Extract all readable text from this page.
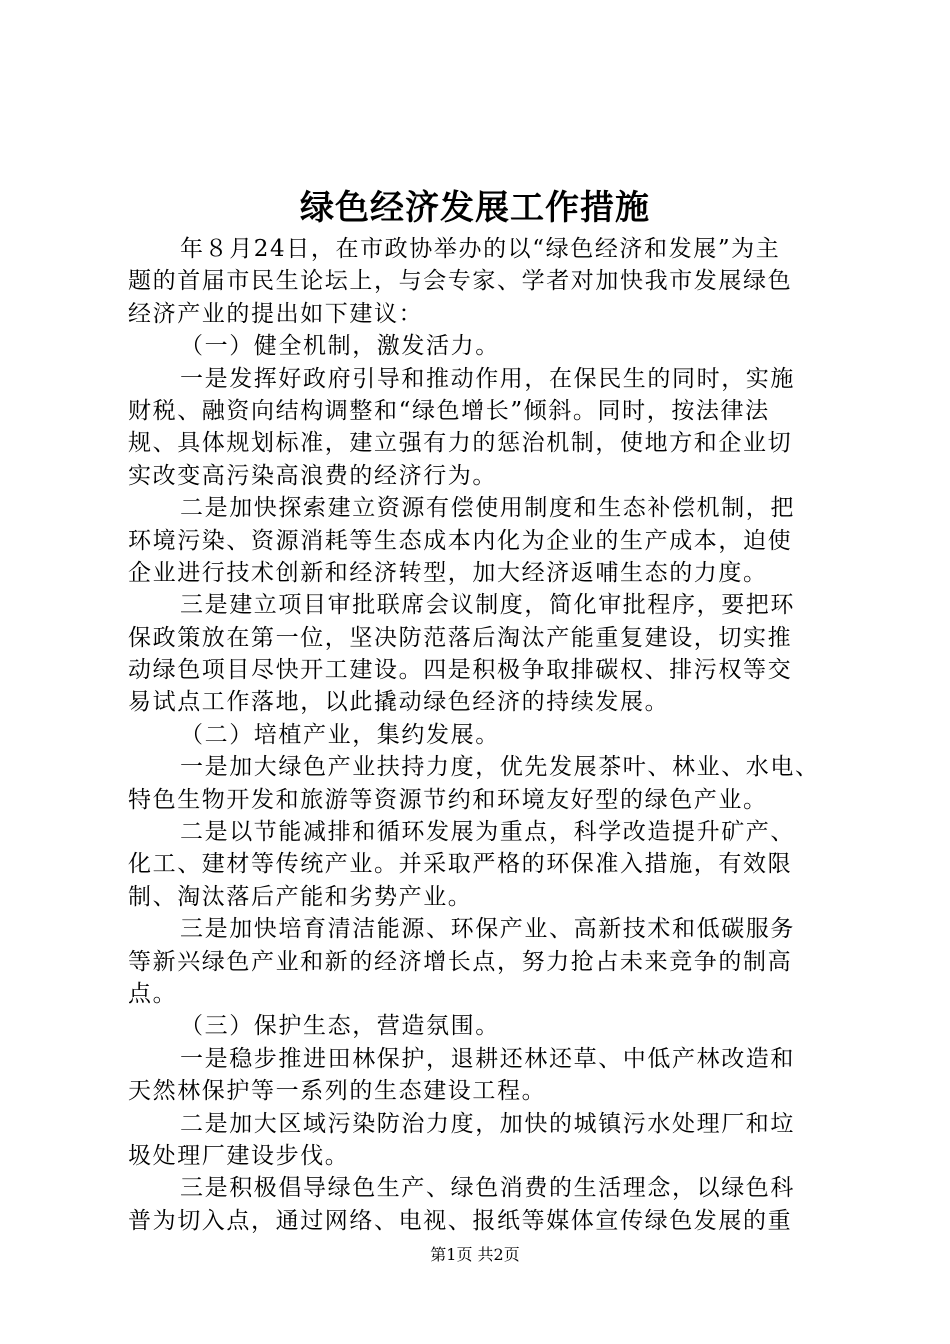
绿色经济发展工作措施
年８月24日，在市政协举办的以“绿色经济和发展”为主
题的首届市民生论坛上，与会专家、学者对加快我市发展绿色
经济产业的提出如下建议：
（一）健全机制，激发活力。
一是发挥好政府引导和推动作用，在保民生的同时，实施
财税、融资向结构调整和“绿色增长”倾斜。同时，按法律法
规、具体规划标准，建立强有力的惩治机制，使地方和企业切
实改变高污染高浪费的经济行为。
二是加快探索建立资源有偿使用制度和生态补偿机制，把
环境污染、资源消耗等生态成本内化为企业的生产成本，迫使
企业进行技术创新和经济转型，加大经济返哺生态的力度。
三是建立项目审批联席会议制度，简化审批程序，要把环
保政策放在第一位，坚决防范落后淘汰产能重复建设，切实推
动绿色项目尽快开工建设。四是积极争取排碳权、排污权等交
易试点工作落地，以此撬动绿色经济的持续发展。
（二）培植产业，集约发展。
一是加大绿色产业扶持力度，优先发展茶叶、林业、水电、
特色生物开发和旅游等资源节约和环境友好型的绿色产业。
二是以节能减排和循环发展为重点，科学改造提升矿产、
化工、建材等传统产业。并采取严格的环保准入措施，有效限
制、淘汰落后产能和劣势产业。
三是加快培育清洁能源、环保产业、高新技术和低碳服务
等新兴绿色产业和新的经济增长点，努力抢占未来竞争的制高
点。
（三）保护生态，营造氛围。
一是稳步推进田林保护，退耕还林还草、中低产林改造和
天然林保护等一系列的生态建设工程。
二是加大区域污染防治力度，加快的城镇污水处理厂和垃
圾处理厂建设步伐。
三是积极倡导绿色生产、绿色消费的生活理念，以绿色科
普为切入点，通过网络、电视、报纸等媒体宣传绿色发展的重
第1页 共2页
